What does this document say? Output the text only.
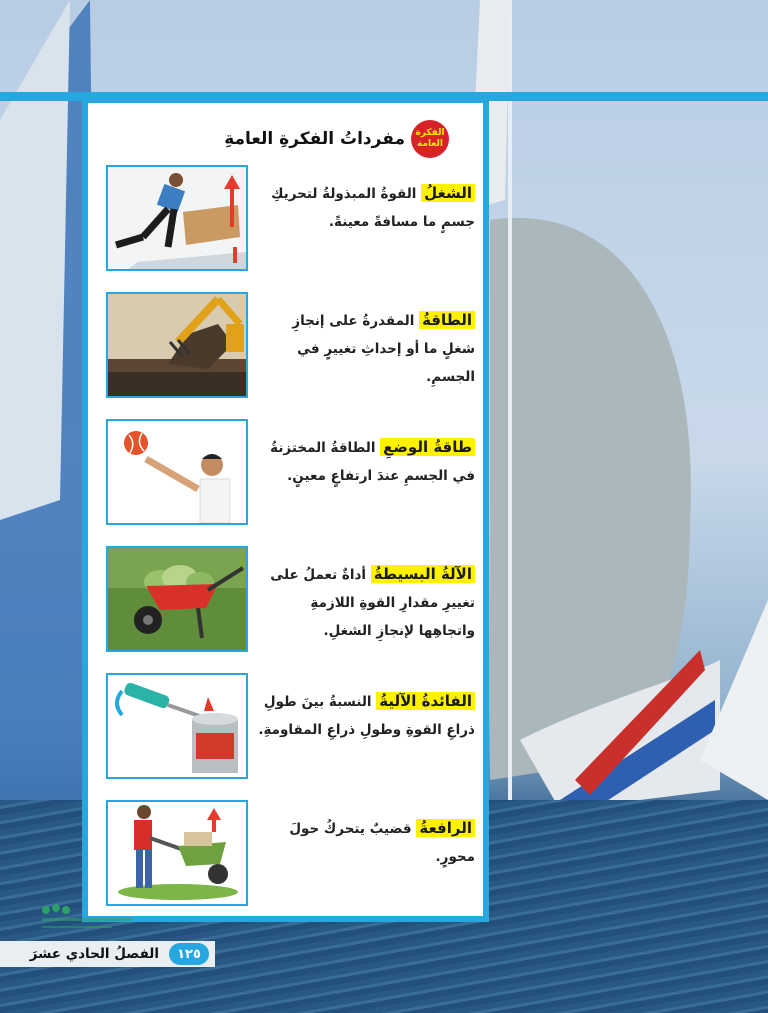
الفكرة العامة
مفرداتُ الفكرةِ العامةِ
الشغلُ القوةُ المبذولةُ لتحريكِ جسمٍ ما مسافةً معينةً.
الطاقةُ المقدرةُ على إنجازِ شغلٍ ما أو إحداثِ تغييرٍ في الجسمِ.
طاقةُ الوضعِ الطاقةُ المختزنةُ في الجسمِ عندَ ارتفاعٍ معينٍ.
الآلةُ البسيطةُ أداةٌ تعملُ على تغييرِ مقدارِ القوةِ اللازمةِ واتجاهِها لإنجازِ الشغلِ.
الفائدةُ الآليةُ النسبةُ بينَ طولِ ذراعِ القوةِ وطولِ ذراعِ المقاومةِ.
الرافعةُ قضيبٌ يتحركُ حولَ محورٍ.
١٢٥
الفصلُ الحادي عشرَ
